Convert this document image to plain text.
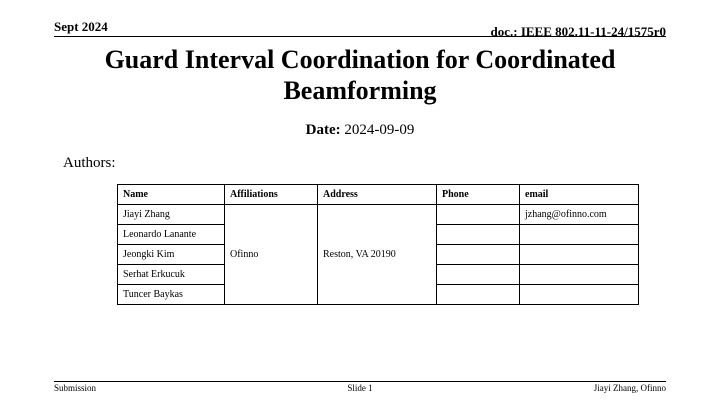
Sept 2024	doc.: IEEE 802.11-11-24/1575r0
Guard Interval Coordination for Coordinated Beamforming
Date: 2024-09-09
Authors:
Name	Affiliations	Address	Phone	email
Jiayi Zhang	Ofinno	Reston, VA 20190		jzhang@ofinno.com
Leonardo Lanante				
Jeongki Kim				
Serhat Erkucuk				
Tuncer Baykas				
Submission	Slide 1	Jiayi Zhang, Ofinno
